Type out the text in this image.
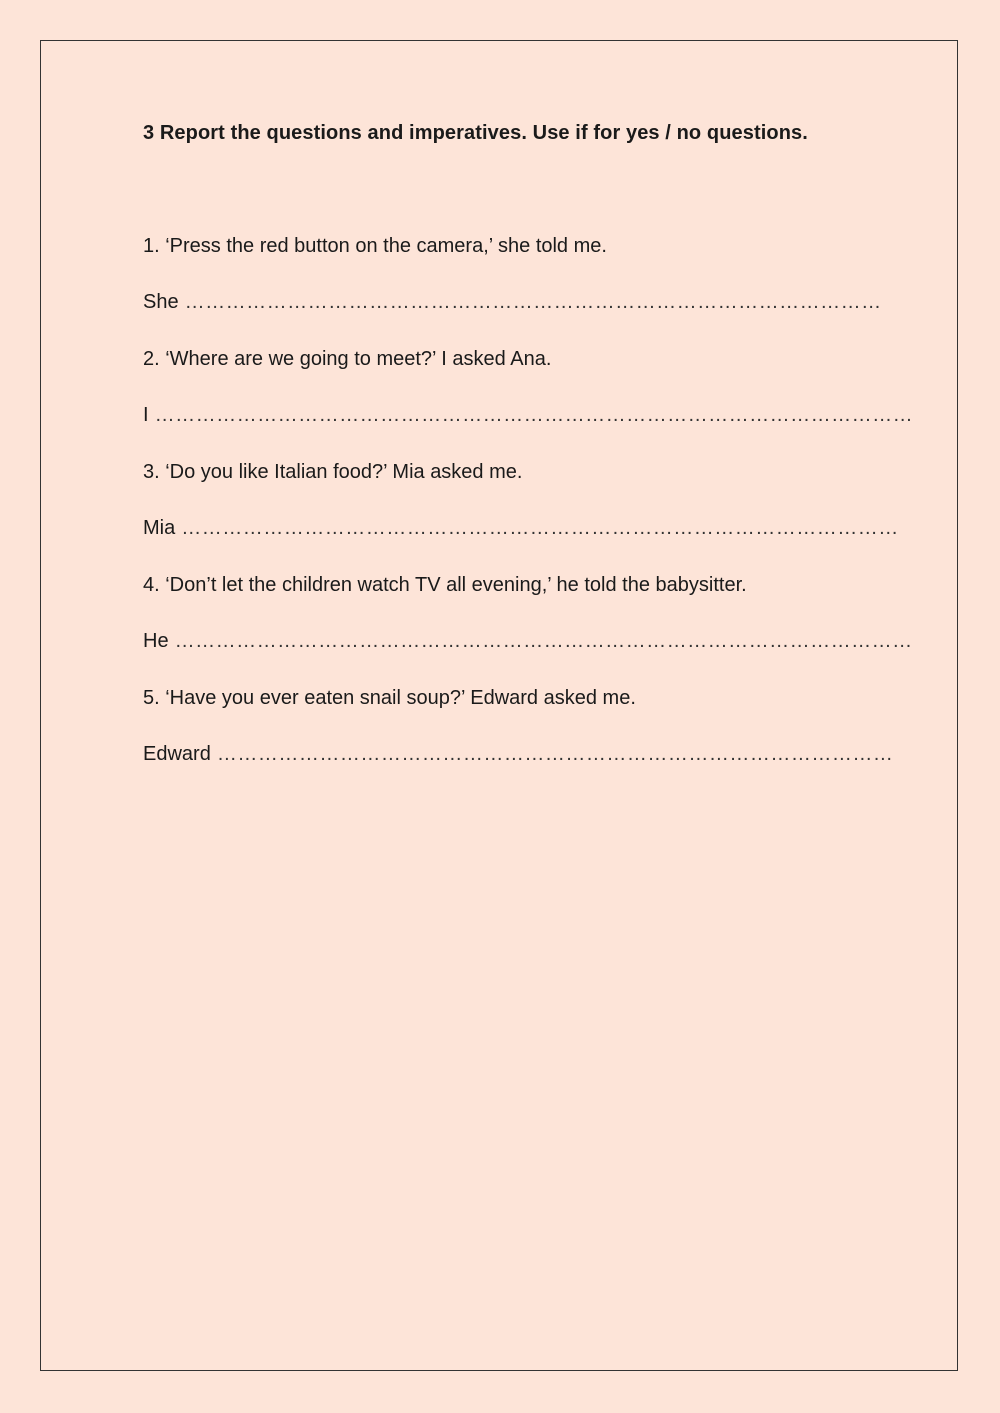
3 Report the questions and imperatives. Use if for yes / no questions.

1. ‘Press the red button on the camera,’ she told me.

She …………………………………………………………………………………………

2. ‘Where are we going to meet?’ I asked Ana.

I …………………………………………………………………………………………………

3. ‘Do you like Italian food?’ Mia asked me.

Mia ……………………………………………………………………………………………

4. ‘Don’t let the children watch TV all evening,’ he told the babysitter.

He ………………………………………………………………………………………………

5. ‘Have you ever eaten snail soup?’ Edward asked me.

Edward ………………………………………………………………………………………
